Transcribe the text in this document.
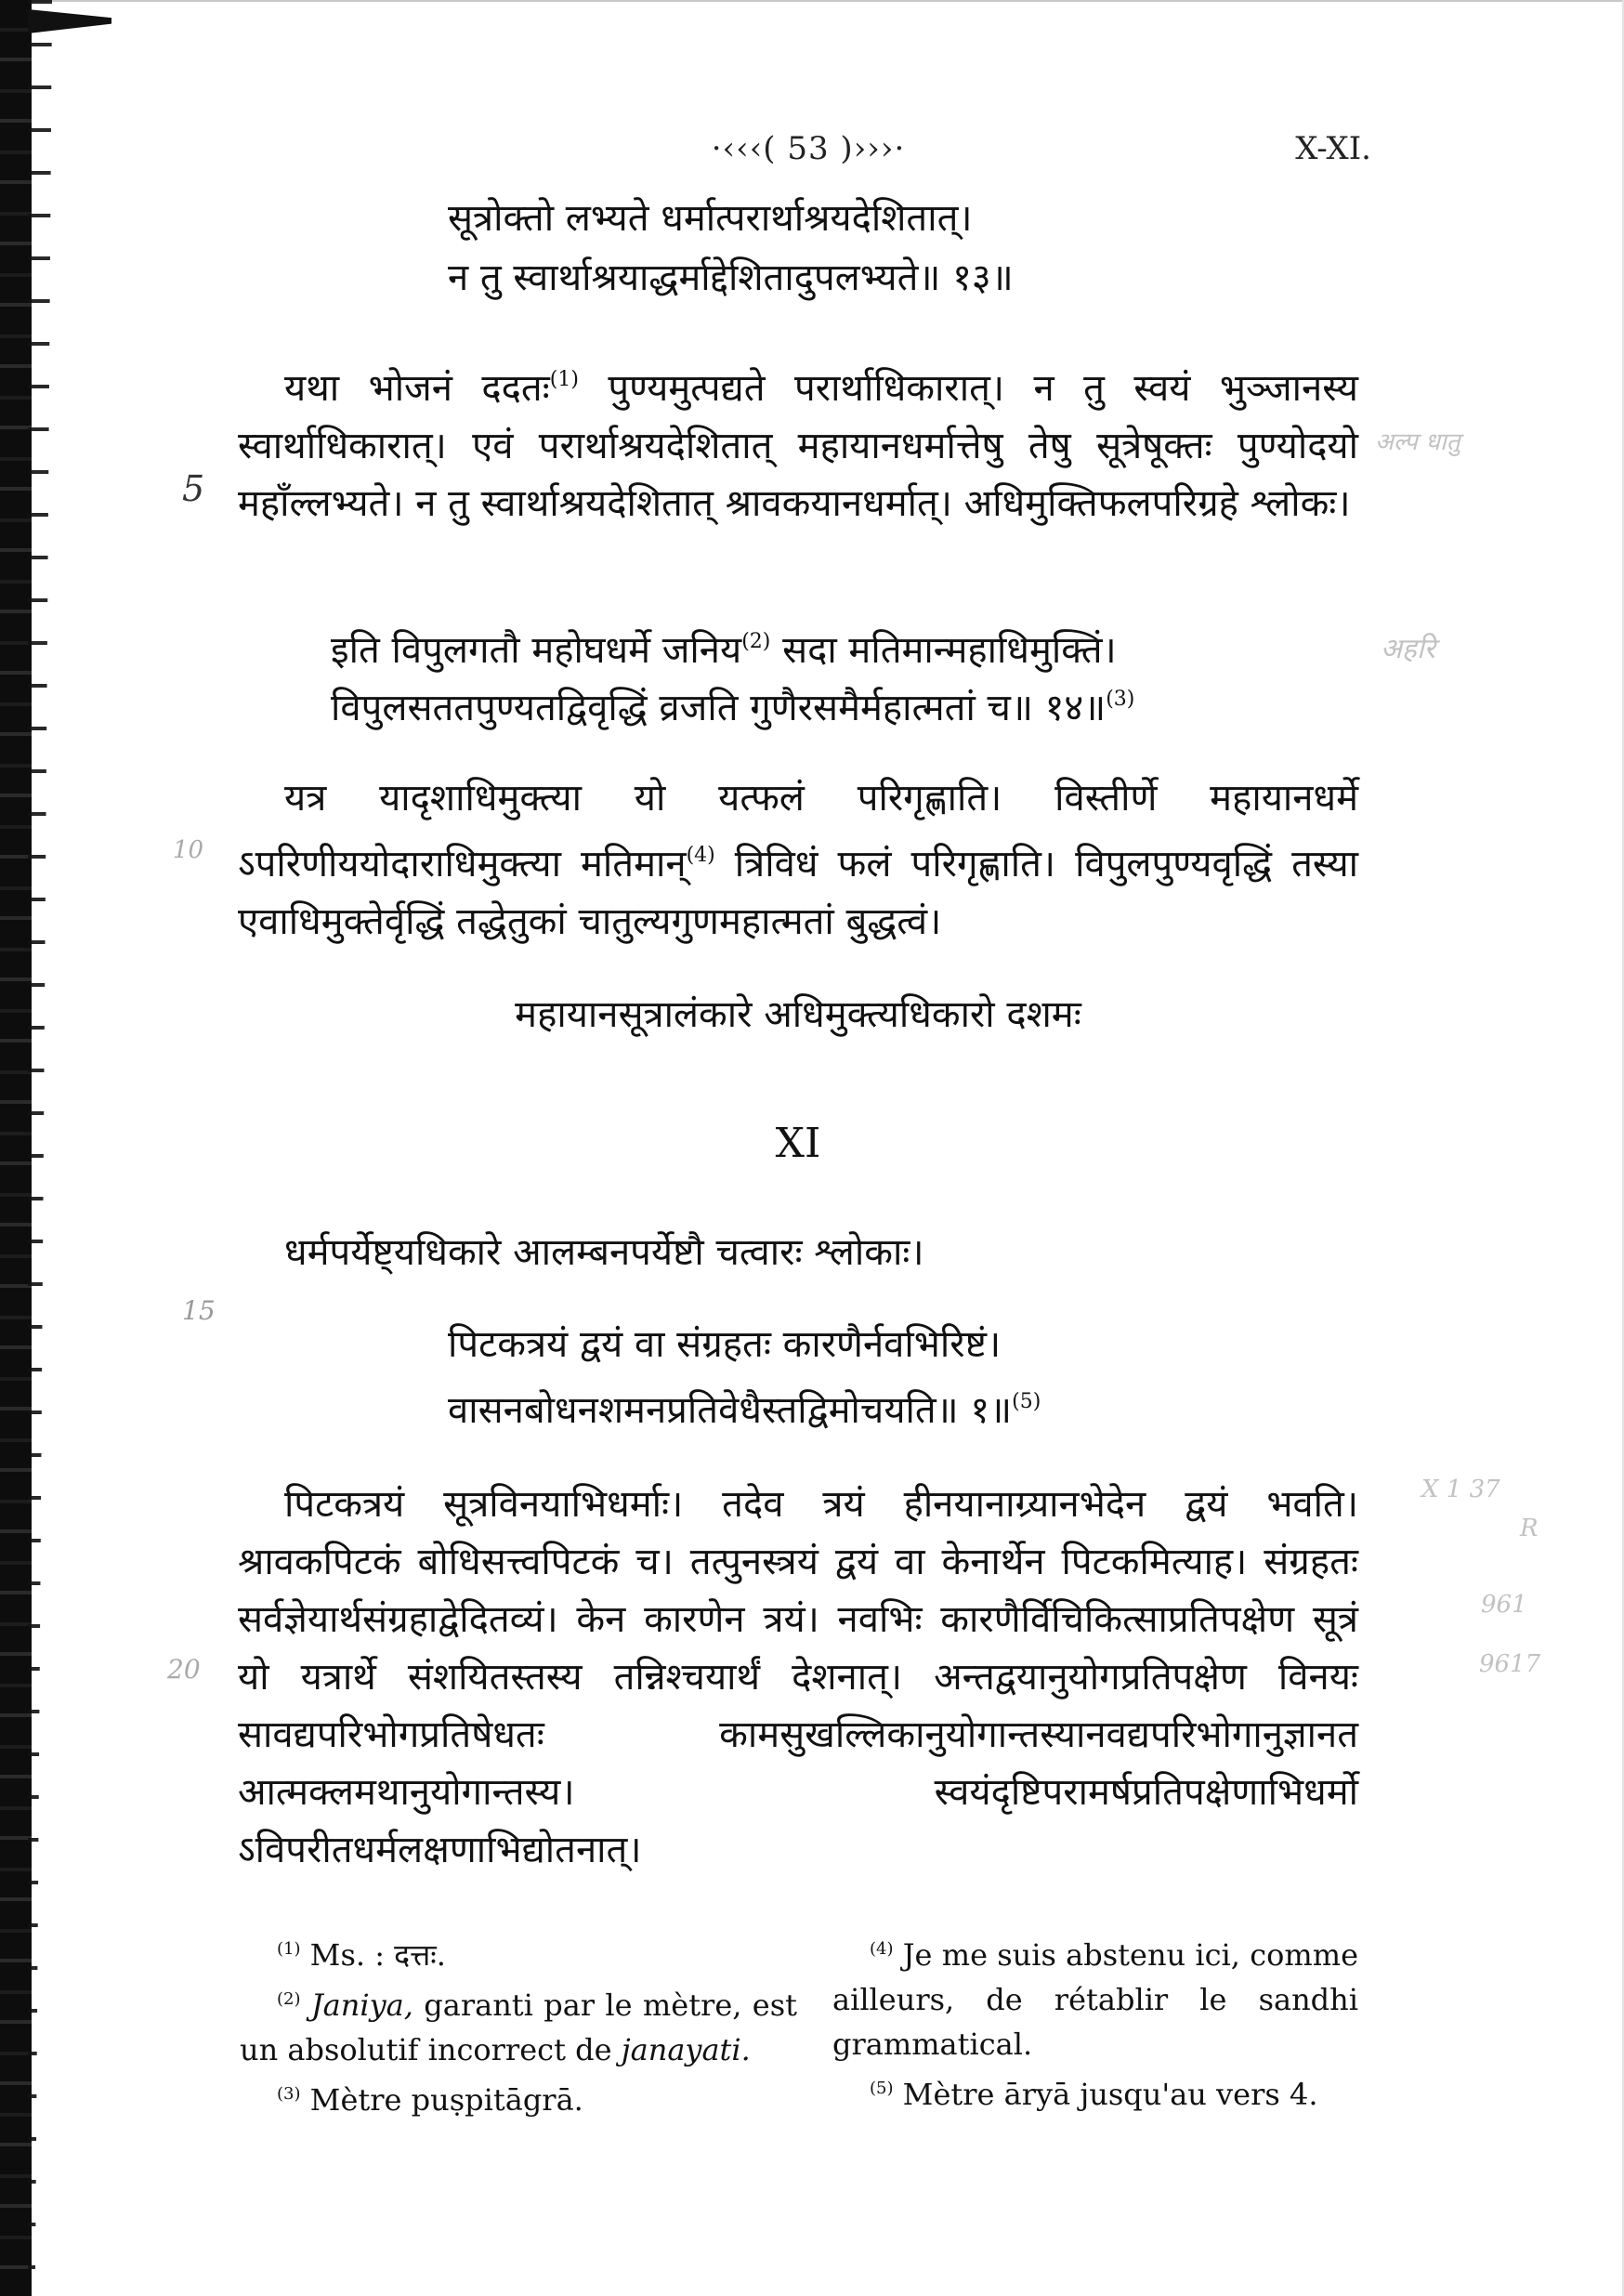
·‹‹‹( 53 )›››·	X-XI.
सूत्रोक्तो लभ्यते धर्मात्परार्थाश्रयदेशितात्।
न तु स्वार्थाश्रयाद्धर्माद्देशितादुपलभ्यते॥ १३॥
यथा भोजनं ददतः$^{(1)}$ पुण्यमुत्पद्यते परार्थाधिकारात्। न तु स्वयं भुञ्जानस्य स्वार्थाधिकारात्। एवं परार्थाश्रयदेशितात् महायानधर्मात्तेषु तेषु सूत्रेषूक्तः पुण्योदयो महाँल्लभ्यते। न तु स्वार्थाश्रयदेशितात् श्रावकयानधर्मात्। अधिमुक्तिफलपरिग्रहे श्लोकः।
इति विपुलगतौ महोघधर्मे जनिय$^{(2)}$ सदा मतिमान्महाधिमुक्तिं।
विपुलसततपुण्यतद्विवृद्धिं व्रजति गुणैरसमैर्महात्मतां च॥ १४॥$^{(3)}$
यत्र यादृशाधिमुक्त्या यो यत्फलं परिगृह्णाति। विस्तीर्णे महायानधर्मे ऽपरिणीययोदाराधिमुक्त्या मतिमान्$^{(4)}$ त्रिविधं फलं परिगृह्णाति। विपुलपुण्यवृद्धिं तस्या एवाधिमुक्तेर्वृद्धिं तद्धेतुकां चातुल्यगुणमहात्मतां बुद्धत्वं।
महायानसूत्रालंकारे अधिमुक्त्यधिकारो दशमः
XI
धर्मपर्येष्ट्यधिकारे आलम्बनपर्येष्टौ चत्वारः श्लोकाः।
पिटकत्रयं द्वयं वा संग्रहतः कारणैर्नवभिरिष्टं।
वासनबोधनशमनप्रतिवेधैस्तद्विमोचयति॥ १॥$^{(5)}$
पिटकत्रयं सूत्रविनयाभिधर्माः। तदेव त्रयं हीनयानाग्र्यानभेदेन द्वयं भवति। श्रावकपिटकं बोधिसत्त्वपिटकं च। तत्पुनस्त्रयं द्वयं वा केनार्थेन पिटकमित्याह। संग्रहतः सर्वज्ञेयार्थसंग्रहाद्वेदितव्यं। केन कारणेन त्रयं। नवभिः कारणैर्विचिकित्साप्रतिपक्षेण सूत्रं यो यत्रार्थे संशयितस्तस्य तन्निश्चयार्थं देशनात्। अन्तद्वयानुयोगप्रतिपक्षेण विनयः सावद्यपरिभोगप्रतिषेधतः कामसुखल्लिकानुयोगान्तस्यानवद्यपरिभोगानुज्ञानत आत्मक्लमथानुयोगान्तस्य। स्वयंदृष्टिपरामर्षप्रतिपक्षेणाभिधर्मो ऽविपरीतधर्मलक्षणाभिद्योतनात्।
5
10
15
20
अल्प धातु
अहरि
X 1 37
R
961
9617

$^{(1)}$ Ms. : दत्तः.

$^{(2)}$ Janiya, garanti par le mètre, est un absolutif incorrect de janayati.

$^{(3)}$ Mètre puṣpitāgrā.

$^{(4)}$ Je me suis abstenu ici, comme ailleurs, de rétablir le sandhi grammatical.

$^{(5)}$ Mètre āryā jusqu'au vers 4.
